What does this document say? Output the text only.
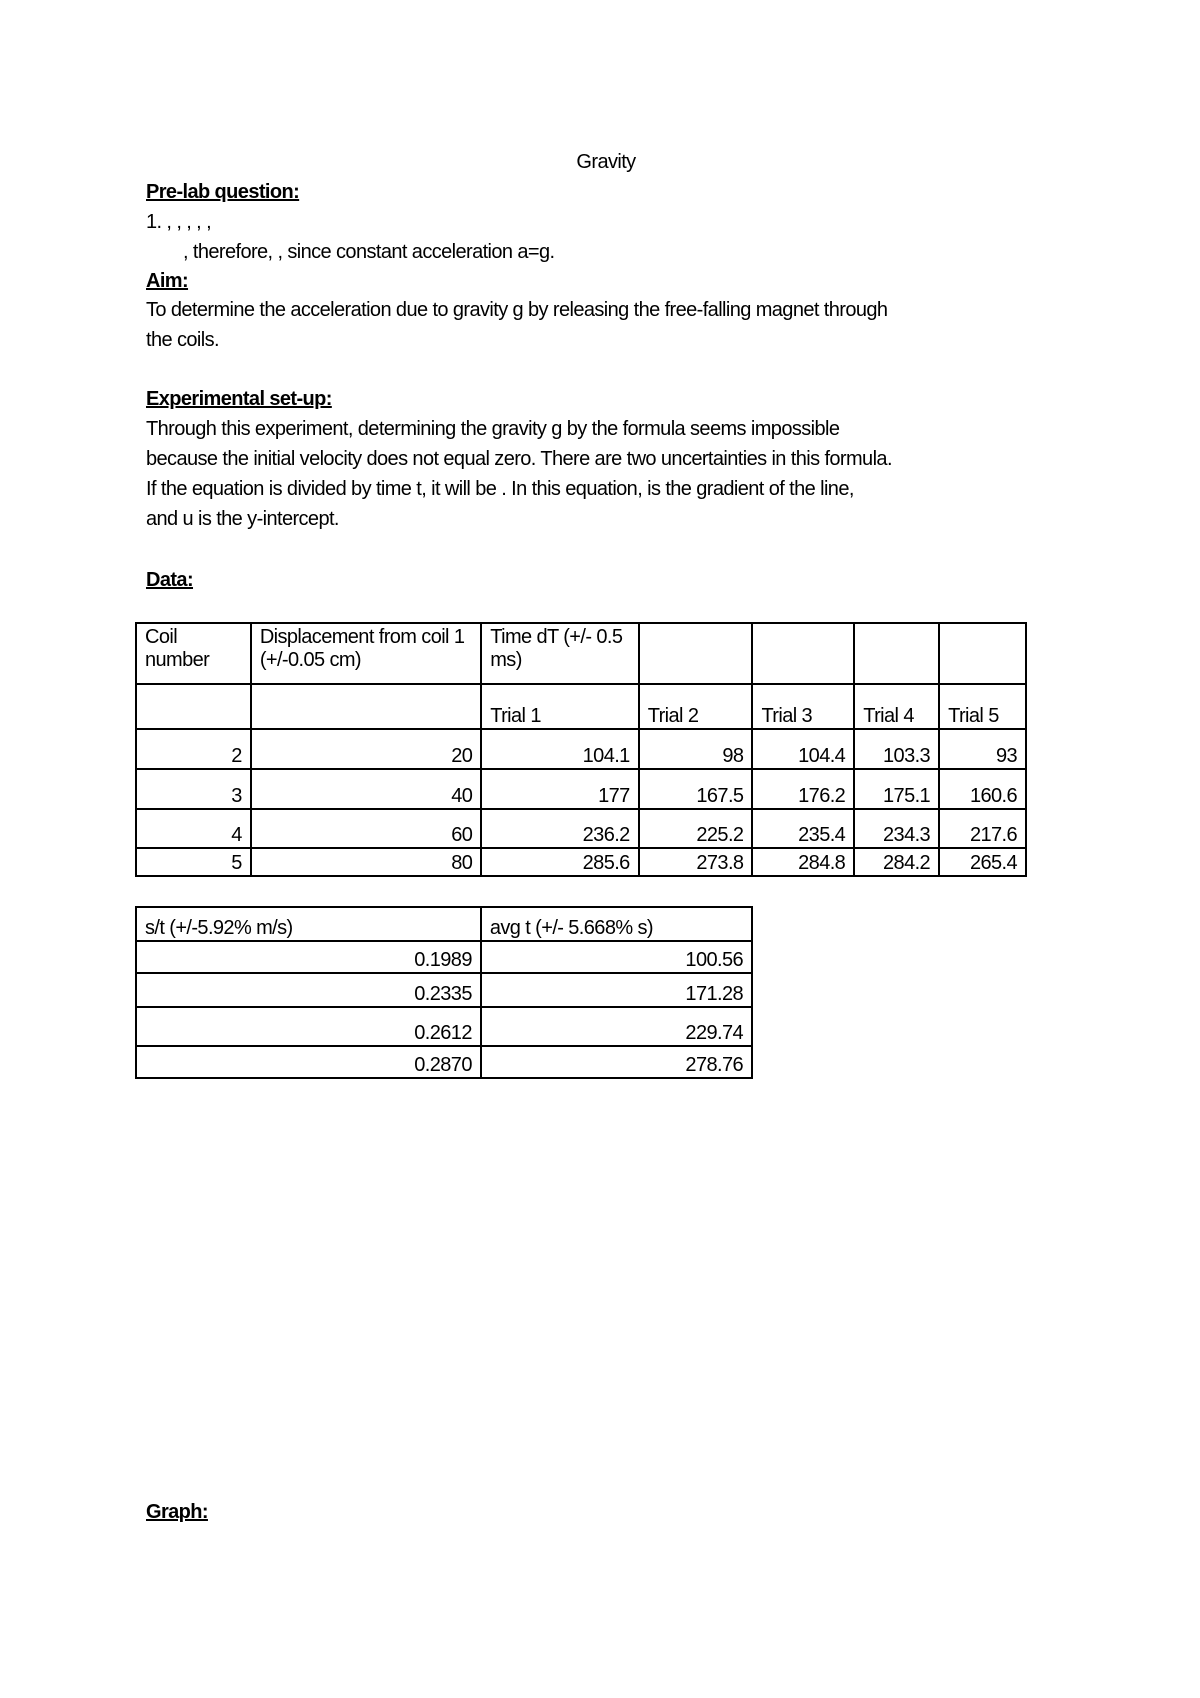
Gravity
Pre-lab question:
1. , , , , ,
, therefore, , since constant acceleration a=g.
Aim:
To determine the acceleration due to gravity g by releasing the free-falling magnet through
the coils.
Experimental set-up:
Through this experiment, determining the gravity g by the formula seems impossible
because the initial velocity does not equal zero. There are two uncertainties in this formula.
If the equation is divided by time t, it will be . In this equation, is the gradient of the line,
and u is the y-intercept.
Data:
Coil number	Displacement from coil 1 (+/-0.05 cm)	Time dT (+/- 0.5 ms)				
		Trial 1	Trial 2	Trial 3	Trial 4	Trial 5
2	20	104.1	98	104.4	103.3	93
3	40	177	167.5	176.2	175.1	160.6
4	60	236.2	225.2	235.4	234.3	217.6
5	80	285.6	273.8	284.8	284.2	265.4
s/t (+/-5.92% m/s)	avg t (+/- 5.668% s)
0.1989	100.56
0.2335	171.28
0.2612	229.74
0.2870	278.76
Graph:
